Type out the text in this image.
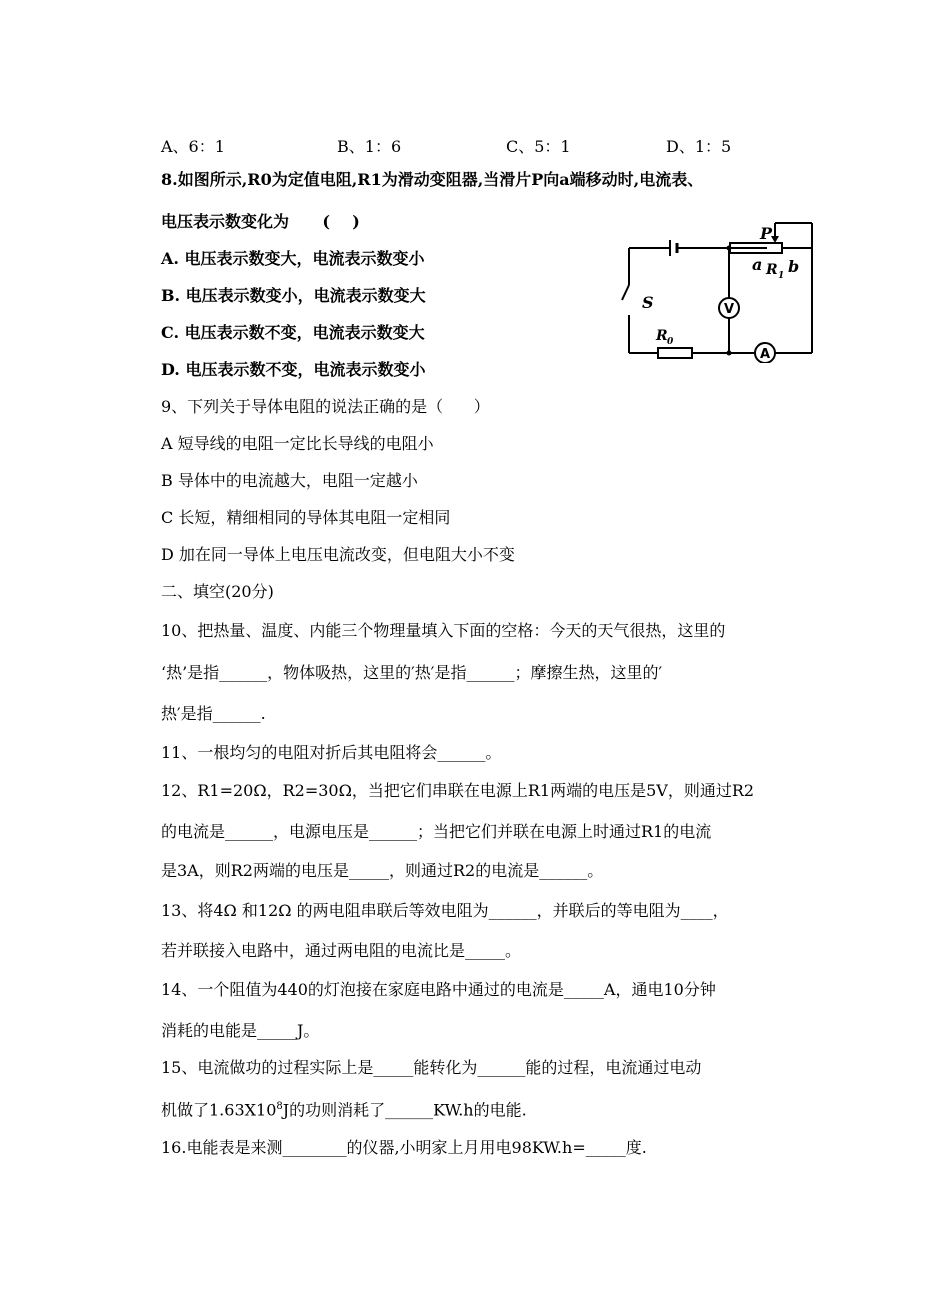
A、6：1	B、1：6	C、5：1	D、1：5
8.如图所示,R0为定值电阻,R1为滑动变阻器,当滑片P向a端移动时,电流表、
电压表示数变化为      (    )
A. 电压表示数变大，电流表示数变小
B. 电压表示数变小，电流表示数变大
C. 电压表示数不变，电流表示数变大
D. 电压表示数不变，电流表示数变小
P
a R 1 b
S
R 0
V
A
9、下列关于导体电阻的说法正确的是（      ）
A 短导线的电阻一定比长导线的电阻小
B 导体中的电流越大，电阻一定越小
C 长短，精细相同的导体其电阻一定相同
D 加在同一导体上电压电流改变，但电阻大小不变
二、填空(20分)
10、把热量、温度、内能三个物理量填入下面的空格：今天的天气很热，这里的
‘热’是指______，物体吸热，这里的′热′是指______；摩擦生热，这里的′
热′是指______.
11、一根均匀的电阻对折后其电阻将会______。
12、R1=20Ω，R2=30Ω，当把它们串联在电源上R1两端的电压是5V，则通过R2
的电流是______，电源电压是______；当把它们并联在电源上时通过R1的电流
是3A，则R2两端的电压是_____，则通过R2的电流是______。
13、将4Ω 和12Ω 的两电阻串联后等效电阻为______，并联后的等电阻为____，
若并联接入电路中，通过两电阻的电流比是_____。
14、一个阻值为440的灯泡接在家庭电路中通过的电流是_____A，通电10分钟
消耗的电能是_____J。
15、电流做功的过程实际上是_____能转化为______能的过程，电流通过电动
机做了$1.63X10^8J$的功则消耗了______KW.h的电能.
16.电能表是来测________的仪器,小明家上月用电98KW.h=_____度.
